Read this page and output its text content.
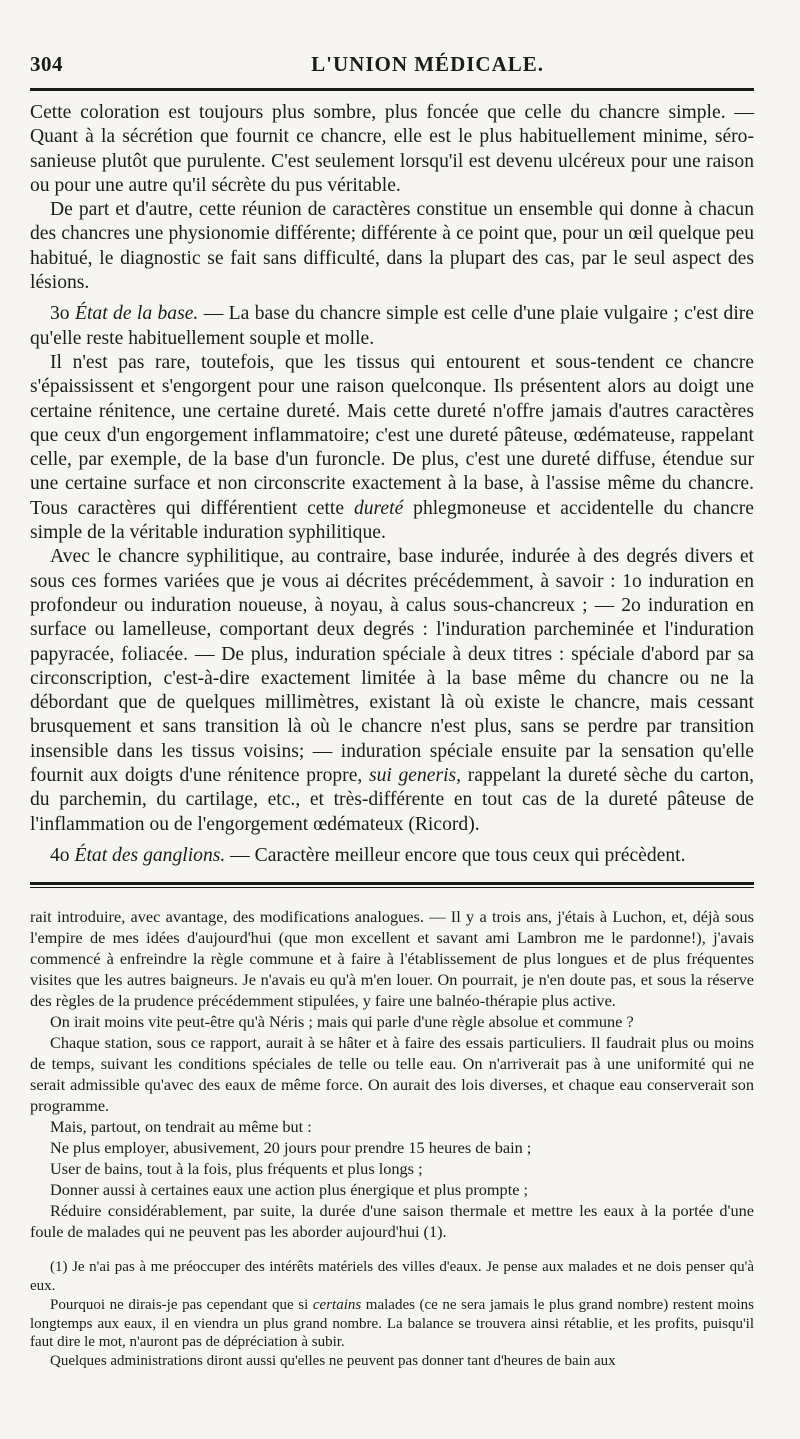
304	L'UNION MÉDICALE.

Cette coloration est toujours plus sombre, plus foncée que celle du chancre simple. — Quant à la sécrétion que fournit ce chancre, elle est le plus habituellement minime, séro-sanieuse plutôt que purulente. C'est seulement lorsqu'il est devenu ulcéreux pour une raison ou pour une autre qu'il sécrète du pus véritable.

De part et d'autre, cette réunion de caractères constitue un ensemble qui donne à chacun des chancres une physionomie différente; différente à ce point que, pour un œil quelque peu habitué, le diagnostic se fait sans difficulté, dans la plupart des cas, par le seul aspect des lésions.

3o État de la base. — La base du chancre simple est celle d'une plaie vulgaire ; c'est dire qu'elle reste habituellement souple et molle.

Il n'est pas rare, toutefois, que les tissus qui entourent et sous-tendent ce chancre s'épaississent et s'engorgent pour une raison quelconque. Ils présentent alors au doigt une certaine rénitence, une certaine dureté. Mais cette dureté n'offre jamais d'autres caractères que ceux d'un engorgement inflammatoire; c'est une dureté pâteuse, œdémateuse, rappelant celle, par exemple, de la base d'un furoncle. De plus, c'est une dureté diffuse, étendue sur une certaine surface et non circonscrite exactement à la base, à l'assise même du chancre. Tous caractères qui différentient cette dureté phlegmoneuse et accidentelle du chancre simple de la véritable induration syphilitique.

Avec le chancre syphilitique, au contraire, base indurée, indurée à des degrés divers et sous ces formes variées que je vous ai décrites précédemment, à savoir : 1o induration en profondeur ou induration noueuse, à noyau, à calus sous-chancreux ; — 2o induration en surface ou lamelleuse, comportant deux degrés : l'induration parcheminée et l'induration papyracée, foliacée. — De plus, induration spéciale à deux titres : spéciale d'abord par sa circonscription, c'est-à-dire exactement limitée à la base même du chancre ou ne la débordant que de quelques millimètres, existant là où existe le chancre, mais cessant brusquement et sans transition là où le chancre n'est plus, sans se perdre par transition insensible dans les tissus voisins; — induration spéciale ensuite par la sensation qu'elle fournit aux doigts d'une rénitence propre, sui generis, rappelant la dureté sèche du carton, du parchemin, du cartilage, etc., et très-différente en tout cas de la dureté pâteuse de l'inflammation ou de l'engorgement œdémateux (Ricord).

4o État des ganglions. — Caractère meilleur encore que tous ceux qui précèdent.

rait introduire, avec avantage, des modifications analogues. — Il y a trois ans, j'étais à Luchon, et, déjà sous l'empire de mes idées d'aujourd'hui (que mon excellent et savant ami Lambron me le pardonne!), j'avais commencé à enfreindre la règle commune et à faire à l'établissement de plus longues et de plus fréquentes visites que les autres baigneurs. Je n'avais eu qu'à m'en louer. On pourrait, je n'en doute pas, et sous la réserve des règles de la prudence précédemment stipulées, y faire une balnéo-thérapie plus active.

On irait moins vite peut-être qu'à Néris ; mais qui parle d'une règle absolue et commune ?

Chaque station, sous ce rapport, aurait à se hâter et à faire des essais particuliers. Il faudrait plus ou moins de temps, suivant les conditions spéciales de telle ou telle eau. On n'arriverait pas à une uniformité qui ne serait admissible qu'avec des eaux de même force. On aurait des lois diverses, et chaque eau conserverait son programme.

Mais, partout, on tendrait au même but :

Ne plus employer, abusivement, 20 jours pour prendre 15 heures de bain ;

User de bains, tout à la fois, plus fréquents et plus longs ;

Donner aussi à certaines eaux une action plus énergique et plus prompte ;

Réduire considérablement, par suite, la durée d'une saison thermale et mettre les eaux à la portée d'une foule de malades qui ne peuvent pas les aborder aujourd'hui (1).

(1) Je n'ai pas à me préoccuper des intérêts matériels des villes d'eaux. Je pense aux malades et ne dois penser qu'à eux.

Pourquoi ne dirais-je pas cependant que si certains malades (ce ne sera jamais le plus grand nombre) restent moins longtemps aux eaux, il en viendra un plus grand nombre. La balance se trouvera ainsi rétablie, et les profits, puisqu'il faut dire le mot, n'auront pas de dépréciation à subir.

Quelques administrations diront aussi qu'elles ne peuvent pas donner tant d'heures de bain aux
